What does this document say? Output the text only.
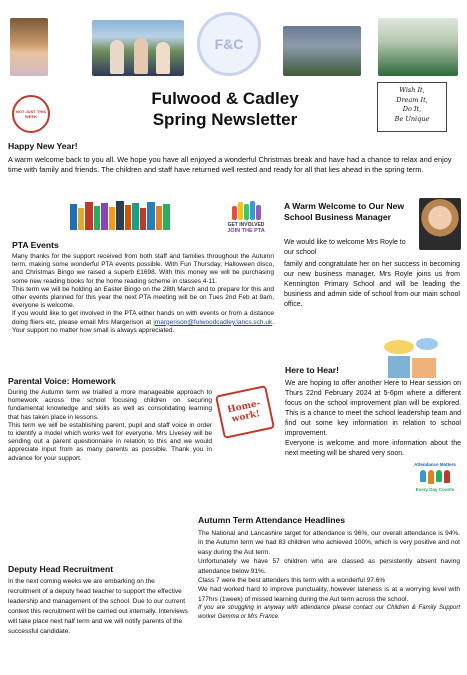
F&C
NOT JUST THIS WEEK
Fulwood & Cadley
Spring Newsletter
Wish It,
Dream It,
Do It,
Be Unique
Happy New Year!
A warm welcome back to you all. We hope you have all enjoyed a wonderful Christmas break and have had a chance to relax and enjoy time with family and friends. The children and staff have returned well rested and ready for all that lies ahead in the spring term.
GET INVOLVED
JOIN THE PTA
PTA Events
Many thanks for the support received from both staff and families throughout the Autumn term, making some wonderful PTA events possible. With Fun Thursday, Halloween disco, and Christmas Bingo we raised a superb £1698. With this money we will be purchasing some new reading books for the home reading scheme in classes 4-11.
This term we will be holding an Easter Bingo on the 28th March and to prepare for this and other events planned for this year the next PTA meeting will be on Tues 2nd Feb at 9am, everyone is welcome.
If you would like to get involved in the PTA either hands on with events or from a distance doing fliers etc, please email Mrs Margerison at jmargerison@fulwoodcadley.lancs.sch.uk. Your support no matter how small is always appreciated.
A Warm Welcome to Our New School Business Manager
We would like to welcome Mrs Royle to our school
family and congratulate her on her success in becoming our new business manager. Mrs Royle joins us from Kennington Primary School and will be leading the business and admin side of school from our main school office.
Here to Hear!
We are hoping to offer another Here to Hear session on Thurs 22nd February 2024 at 5-6pm where a different focus on the school improvement plan will be explored. This is a chance to meet the school leadership team and find out some key information in relation to school improvement.
Everyone is welcome and more information about the next meeting will be shared very soon.
Parental Voice: Homework
Home-work!
During the Autumn term we trialled a more manageable approach to homework across the school focusing children on securing fundamental knowledge and skills as well as consolidating learning that has taken place in lessons.
This term we will be establishing parent, pupil and staff voice in order to identify a model which works well for everyone. Mrs Livesey will be sending out a parent questionnaire in relation to this and we would appreciate input from as many parents as possible. Thank you in advance for your support.
Deputy Head Recruitment
In the next coming weeks we are embarking on the recruitment of a deputy head teacher to support the effective leadership and management of the school. Due to our current context this recruitment will be carried out internally. Interviews will take place next half term and we will notify parents of the successful candidate.
Attendance Matters
Every Day Counts
Autumn Term Attendance Headlines
The National and Lancashire target for attendance is 96%, our overall attendance is 94%. In the Autumn term we had 83 children who achieved 100%, which is very positive and not easy during the Aut term.
Unfortunately we have 57 children who are classed as persistently absent having attendance below 91%.
Class 7 were the best attenders this term with a wonderful 97.6%
We had worked hard to improve punctuality, however lateness is at a worrying level with 177hrs (1week) of missed learning during the Aut term across the school.
If you are struggling in anyway with attendance please contact our Children & Family Support worker Gemma or Mrs France.
